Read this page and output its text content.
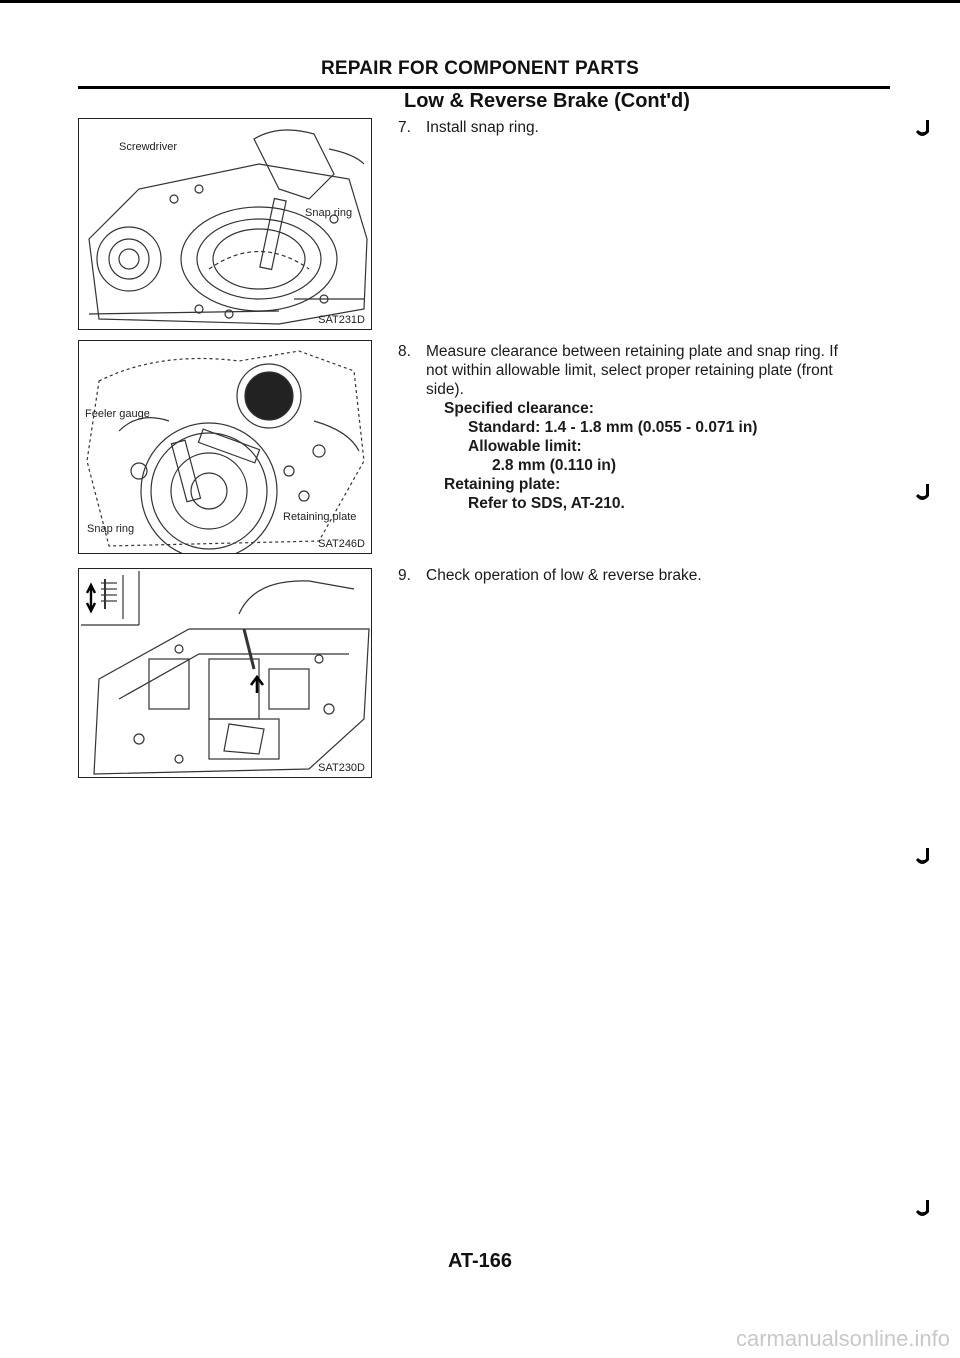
REPAIR FOR COMPONENT PARTS
Low & Reverse Brake (Cont'd)
Screwdriver
Snap ring
SAT231D
Feeler gauge
Retaining plate
Snap ring
SAT246D
SAT230D
7. Install snap ring.
8. Measure clearance between retaining plate and snap ring. If
not within allowable limit, select proper retaining plate (front
side).
Specified clearance:
Standard: 1.4 - 1.8 mm (0.055 - 0.071 in)
Allowable limit:
2.8 mm (0.110 in)
Retaining plate:
Refer to SDS, AT-210.
9. Check operation of low & reverse brake.
AT-166
carmanualsonline.info
